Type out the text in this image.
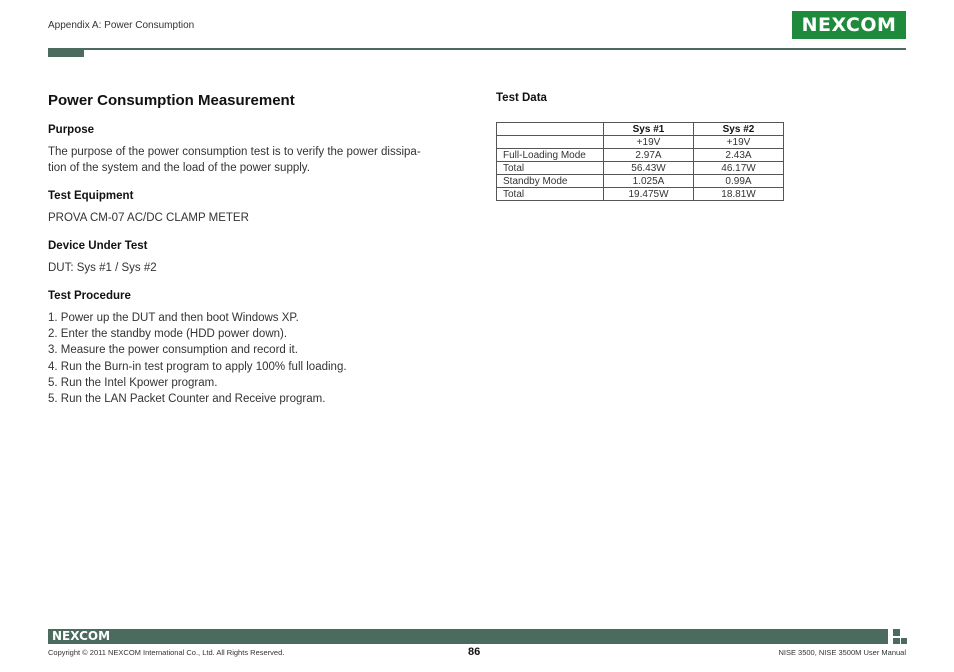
Appendix A: Power Consumption	NEXCOM
Power Consumption Measurement
Purpose
The purpose of the power consumption test is to verify the power dissipa-
tion of the system and the load of the power supply.
Test Equipment
PROVA CM-07 AC/DC CLAMP METER
Device Under Test
DUT: Sys #1 / Sys #2
Test Procedure

1. Power up the DUT and then boot Windows XP.

2. Enter the standby mode (HDD power down).

3. Measure the power consumption and record it.

4. Run the Burn-in test program to apply 100% full loading.

5. Run the Intel Kpower program.

5. Run the LAN Packet Counter and Receive program.

Test Data
	Sys #1	Sys #2
	+19V	+19V
Full-Loading Mode	2.97A	2.43A
Total	56.43W	46.17W
Standby Mode	1.025A	0.99A
Total	19.475W	18.81W
NEXCOM
Copyright © 2011 NEXCOM International Co., Ltd. All Rights Reserved.	86	NISE 3500, NISE 3500M User Manual
